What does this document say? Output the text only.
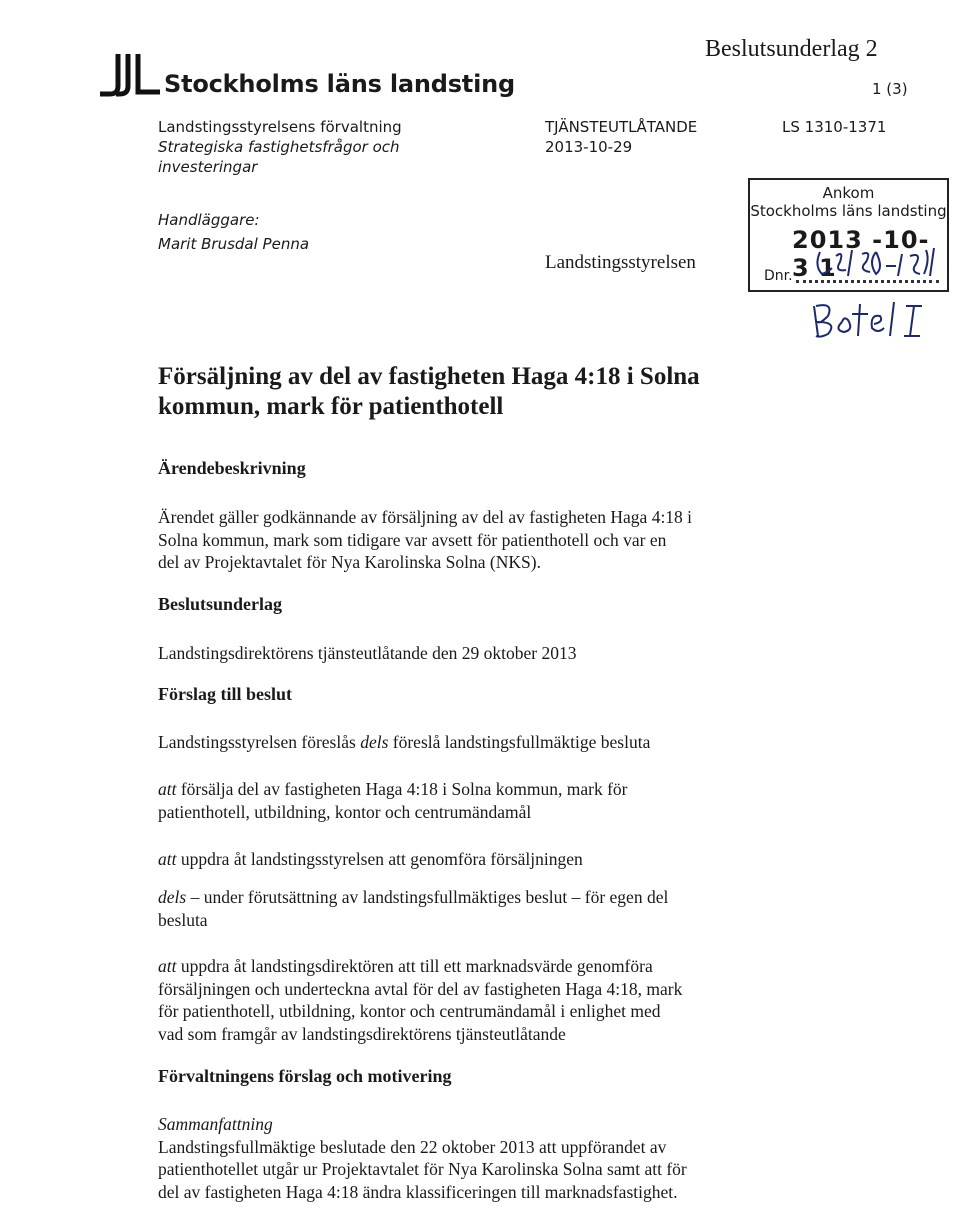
Stockholms läns landsting
Beslutsunderlag 2
1 (3)
Landstingsstyrelsens förvaltning
Strategiska fastighetsfrågor och
investeringar
TJÄNSTEUTLÅTANDE
2013-10-29
LS 1310-1371
Handläggare:
Marit Brusdal Penna
Landstingsstyrelsen
Ankom
Stockholms läns landsting
2013 -10- 3 1
Dnr.
Försäljning av del av fastigheten Haga 4:18 i Solna
kommun, mark för patienthotell
Ärendebeskrivning

Ärendet gäller godkännande av försäljning av del av fastigheten Haga 4:18 i

Solna kommun, mark som tidigare var avsett för patienthotell och var en

del av Projektavtalet för Nya Karolinska Solna (NKS).

Beslutsunderlag

Landstingsdirektörens tjänsteutlåtande den 29 oktober 2013

Förslag till beslut

Landstingsstyrelsen föreslås dels föreslå landstingsfullmäktige besluta

att försälja del av fastigheten Haga 4:18 i Solna kommun, mark för

patienthotell, utbildning, kontor och centrumändamål

att uppdra åt landstingsstyrelsen att genomföra försäljningen

dels – under förutsättning av landstingsfullmäktiges beslut – för egen del

besluta

att uppdra åt landstingsdirektören att till ett marknadsvärde genomföra

försäljningen och underteckna avtal för del av fastigheten Haga 4:18, mark

för patienthotell, utbildning, kontor och centrumändamål i enlighet med

vad som framgår av landstingsdirektörens tjänsteutlåtande

Förvaltningens förslag och motivering

Sammanfattning

Landstingsfullmäktige beslutade den 22 oktober 2013 att uppförandet av

patienthotellet utgår ur Projektavtalet för Nya Karolinska Solna samt att för

del av fastigheten Haga 4:18 ändra klassificeringen till marknadsfastighet.
